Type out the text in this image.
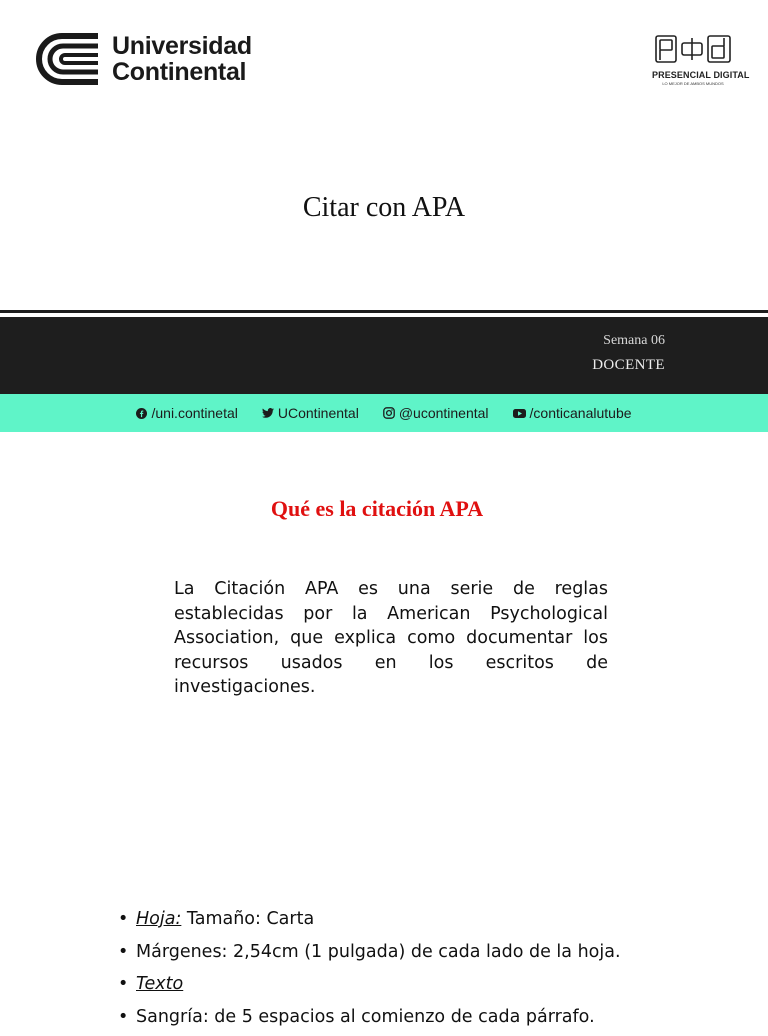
Universidad
Continental	PRESENCIAL DIGITAL
LO MEJOR DE AMBOS MUNDOS
Citar con APA
Semana 06
DOCENTE
/uni.continetal	UContinental	@ucontinental	/conticanalutube
Qué es la citación APA

La Citación APA es una serie de reglas establecidas por la American Psychological Association, que explica como documentar los recursos usados en los escritos de investigaciones.

• Hoja: Tamaño: Carta
• Márgenes: 2,54cm (1 pulgada) de cada lado de la hoja.
• Texto
• Sangría: de 5 espacios al comienzo de cada párrafo.
